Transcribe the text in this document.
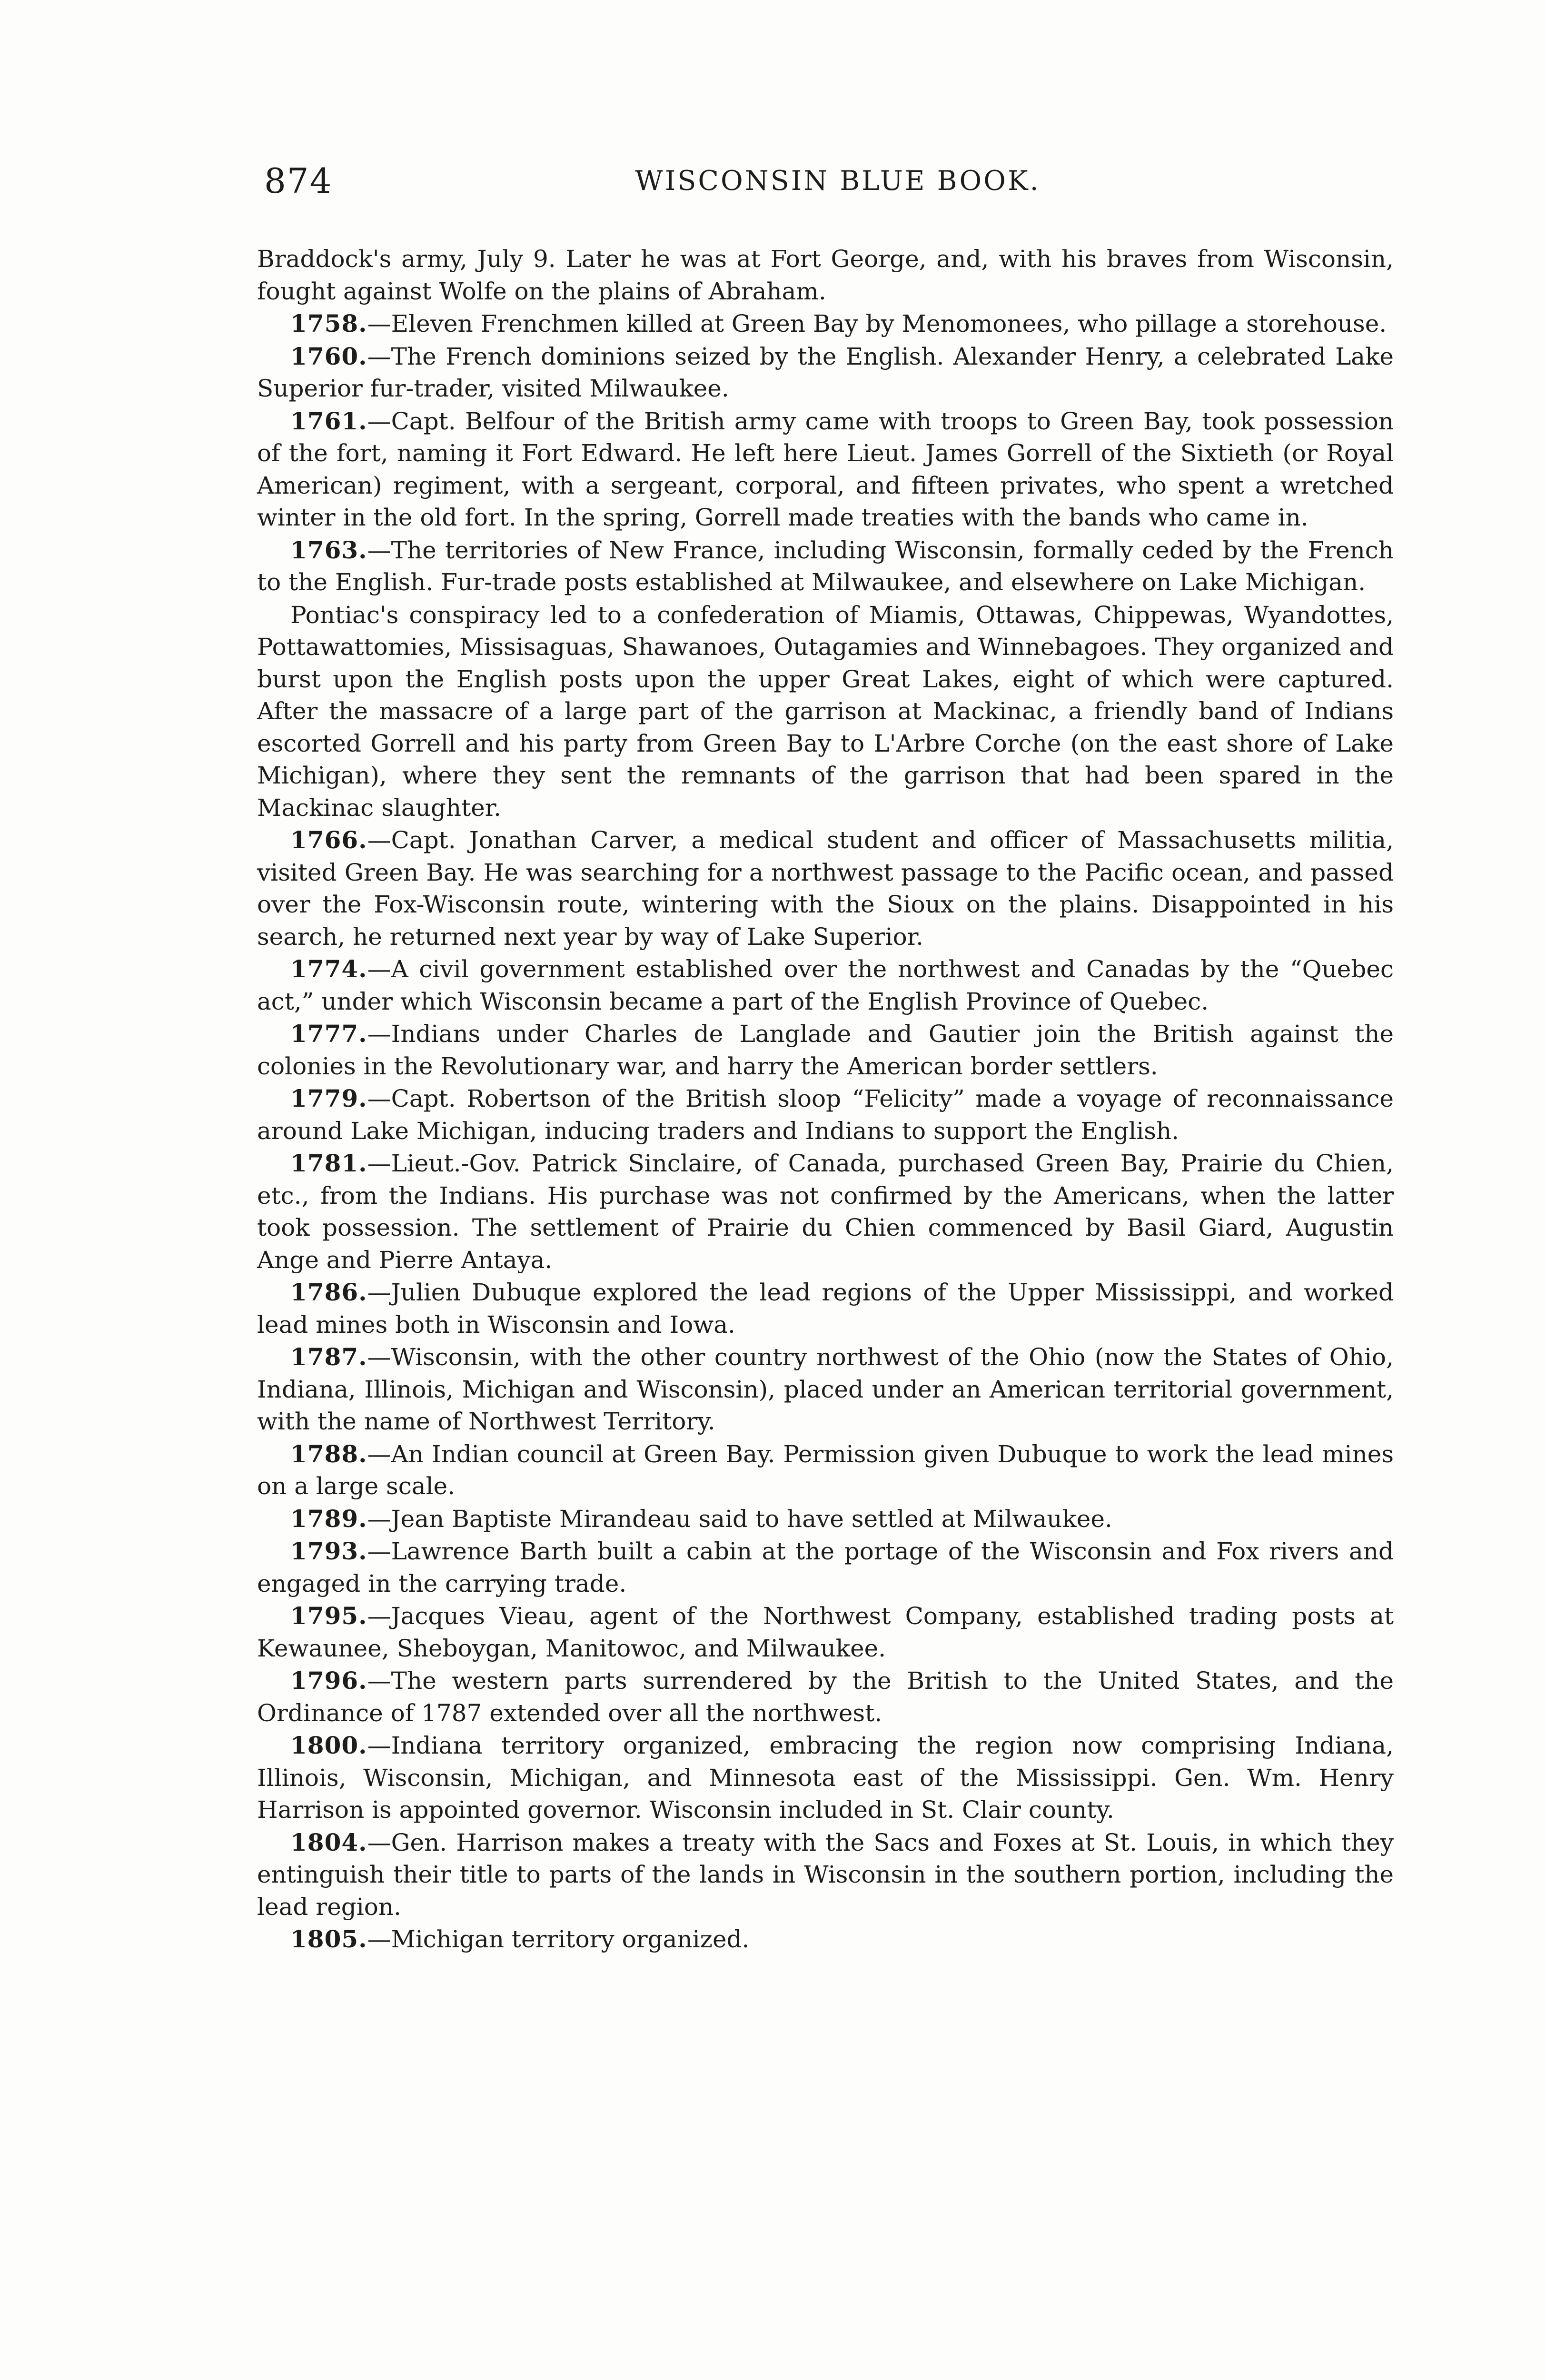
874	WISCONSIN BLUE BOOK.

Braddock's army, July 9. Later he was at Fort George, and, with his braves from Wisconsin, fought against Wolfe on the plains of Abraham.

1758.—Eleven Frenchmen killed at Green Bay by Menomonees, who pillage a storehouse.

1760.—The French dominions seized by the English. Alexander Henry, a celebrated Lake Superior fur-trader, visited Milwaukee.

1761.—Capt. Belfour of the British army came with troops to Green Bay, took possession of the fort, naming it Fort Edward. He left here Lieut. James Gorrell of the Sixtieth (or Royal American) regiment, with a sergeant, corporal, and fifteen privates, who spent a wretched winter in the old fort. In the spring, Gorrell made treaties with the bands who came in.

1763.—The territories of New France, including Wisconsin, formally ceded by the French to the English. Fur-trade posts established at Milwaukee, and elsewhere on Lake Michigan.

Pontiac's conspiracy led to a confederation of Miamis, Ottawas, Chippewas, Wyandottes, Pottawattomies, Missisaguas, Shawanoes, Outagamies and Winnebagoes. They organized and burst upon the English posts upon the upper Great Lakes, eight of which were captured. After the massacre of a large part of the garrison at Mackinac, a friendly band of Indians escorted Gorrell and his party from Green Bay to L'Arbre Corche (on the east shore of Lake Michigan), where they sent the remnants of the garrison that had been spared in the Mackinac slaughter.

1766.—Capt. Jonathan Carver, a medical student and officer of Massachusetts militia, visited Green Bay. He was searching for a northwest passage to the Pacific ocean, and passed over the Fox-Wisconsin route, wintering with the Sioux on the plains. Disappointed in his search, he returned next year by way of Lake Superior.

1774.—A civil government established over the northwest and Canadas by the “Quebec act,” under which Wisconsin became a part of the English Province of Quebec.

1777.—Indians under Charles de Langlade and Gautier join the British against the colonies in the Revolutionary war, and harry the American border settlers.

1779.—Capt. Robertson of the British sloop “Felicity” made a voyage of reconnaissance around Lake Michigan, inducing traders and Indians to support the English.

1781.—Lieut.-Gov. Patrick Sinclaire, of Canada, purchased Green Bay, Prairie du Chien, etc., from the Indians. His purchase was not confirmed by the Americans, when the latter took possession. The settlement of Prairie du Chien commenced by Basil Giard, Augustin Ange and Pierre Antaya.

1786.—Julien Dubuque explored the lead regions of the Upper Mississippi, and worked lead mines both in Wisconsin and Iowa.

1787.—Wisconsin, with the other country northwest of the Ohio (now the States of Ohio, Indiana, Illinois, Michigan and Wisconsin), placed under an American territorial government, with the name of Northwest Territory.

1788.—An Indian council at Green Bay. Permission given Dubuque to work the lead mines on a large scale.

1789.—Jean Baptiste Mirandeau said to have settled at Milwaukee.

1793.—Lawrence Barth built a cabin at the portage of the Wisconsin and Fox rivers and engaged in the carrying trade.

1795.—Jacques Vieau, agent of the Northwest Company, established trading posts at Kewaunee, Sheboygan, Manitowoc, and Milwaukee.

1796.—The western parts surrendered by the British to the United States, and the Ordinance of 1787 extended over all the northwest.

1800.—Indiana territory organized, embracing the region now comprising Indiana, Illinois, Wisconsin, Michigan, and Minnesota east of the Mississippi. Gen. Wm. Henry Harrison is appointed governor. Wisconsin included in St. Clair county.

1804.—Gen. Harrison makes a treaty with the Sacs and Foxes at St. Louis, in which they entinguish their title to parts of the lands in Wisconsin in the southern portion, including the lead region.

1805.—Michigan territory organized.
